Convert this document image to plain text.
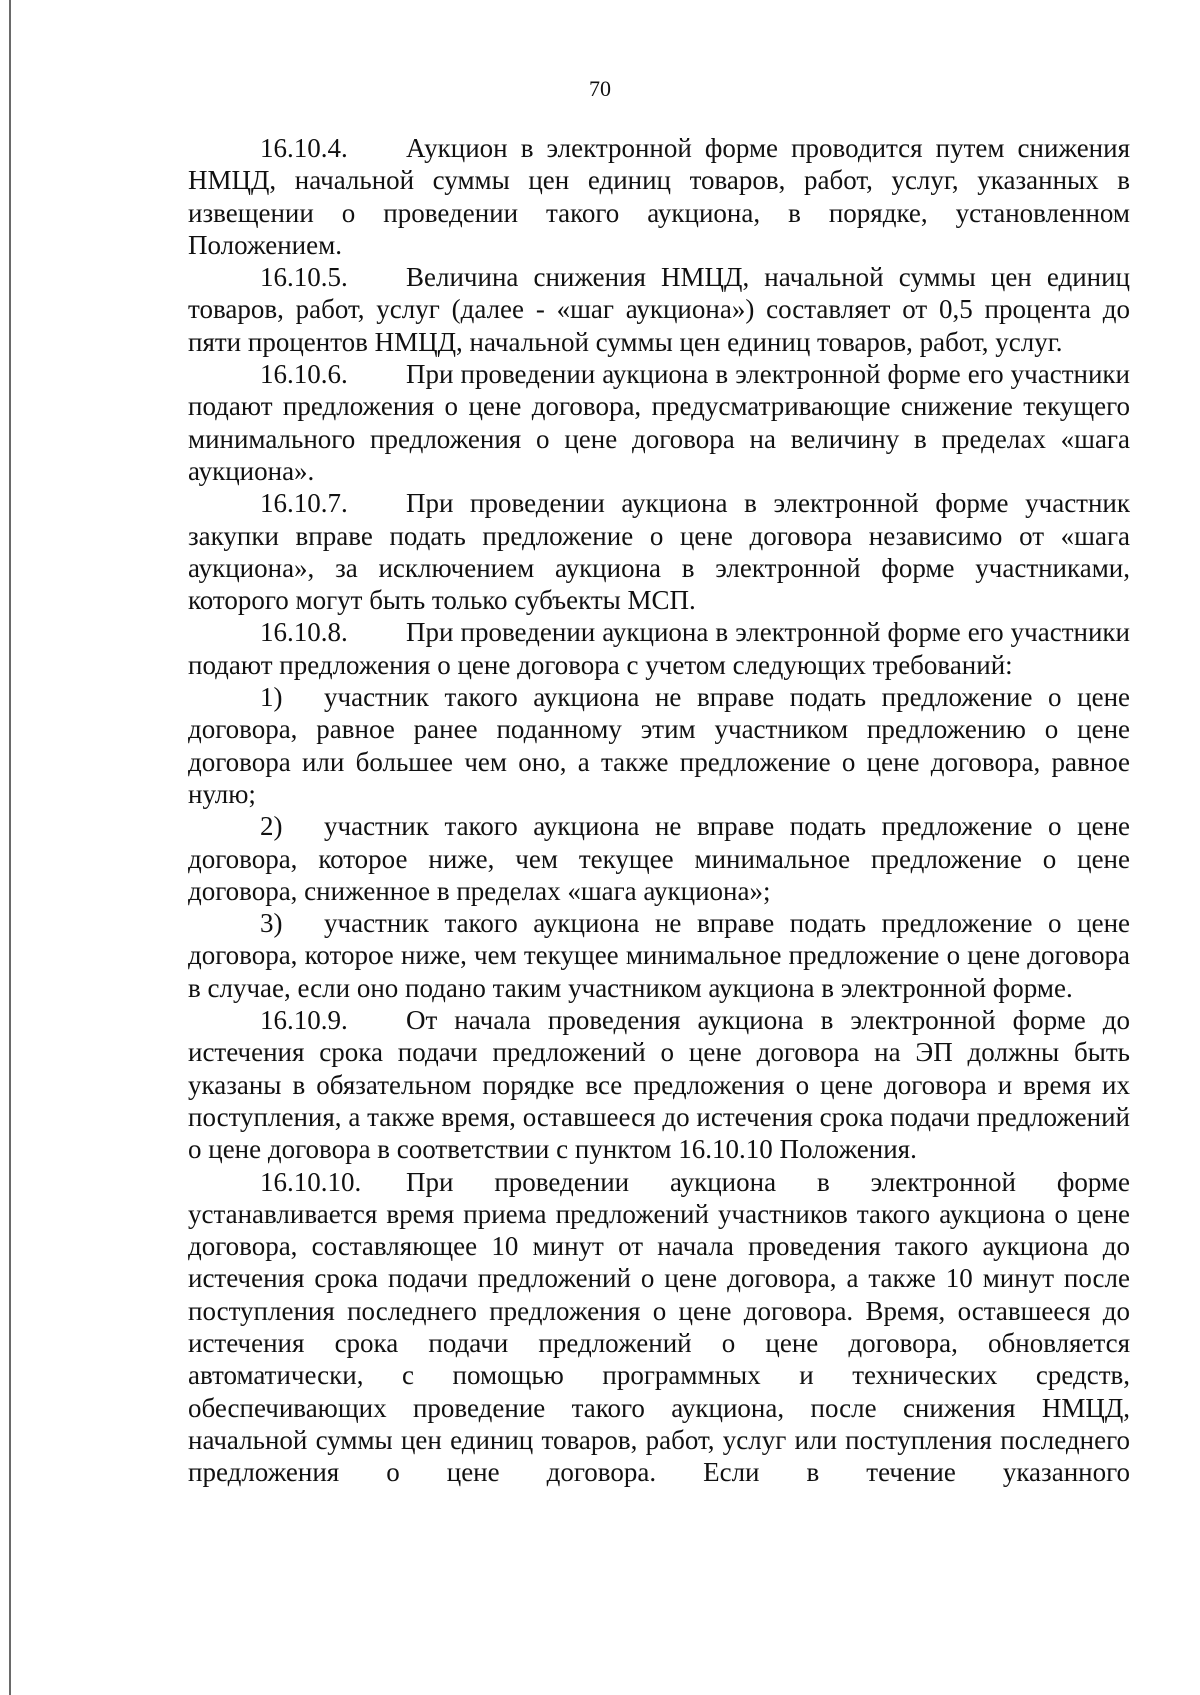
70

16.10.4. Аукцион в электронной форме проводится путем снижения НМЦД, начальной суммы цен единиц товаров, работ, услуг, указанных в извещении о проведении такого аукциона, в порядке, установленном Положением.

16.10.5. Величина снижения НМЦД, начальной суммы цен единиц товаров, работ, услуг (далее - «шаг аукциона») составляет от 0,5 процента до пяти процентов НМЦД, начальной суммы цен единиц товаров, работ, услуг.

16.10.6. При проведении аукциона в электронной форме его участники подают предложения о цене договора, предусматривающие снижение текущего минимального предложения о цене договора на величину в пределах «шага аукциона».

16.10.7. При проведении аукциона в электронной форме участник закупки вправе подать предложение о цене договора независимо от «шага аукциона», за исключением аукциона в электронной форме участниками, которого могут быть только субъекты МСП.

16.10.8. При проведении аукциона в электронной форме его участники подают предложения о цене договора с учетом следующих требований:

1) участник такого аукциона не вправе подать предложение о цене договора, равное ранее поданному этим участником предложению о цене договора или большее чем оно, а также предложение о цене договора, равное нулю;

2) участник такого аукциона не вправе подать предложение о цене договора, которое ниже, чем текущее минимальное предложение о цене договора, сниженное в пределах «шага аукциона»;

3) участник такого аукциона не вправе подать предложение о цене договора, которое ниже, чем текущее минимальное предложение о цене договора в случае, если оно подано таким участником аукциона в электронной форме.

16.10.9. От начала проведения аукциона в электронной форме до истечения срока подачи предложений о цене договора на ЭП должны быть указаны в обязательном порядке все предложения о цене договора и время их поступления, а также время, оставшееся до истечения срока подачи предложений о цене договора в соответствии с пунктом 16.10.10 Положения.

16.10.10. При проведении аукциона в электронной форме устанавливается время приема предложений участников такого аукциона о цене договора, составляющее 10 минут от начала проведения такого аукциона до истечения срока подачи предложений о цене договора, а также 10 минут после поступления последнего предложения о цене договора. Время, оставшееся до истечения срока подачи предложений о цене договора, обновляется автоматически, с помощью программных и технических средств, обеспечивающих проведение такого аукциона, после снижения НМЦД, начальной суммы цен единиц товаров, работ, услуг или поступления последнего предложения о цене договора. Если в течение указанного
